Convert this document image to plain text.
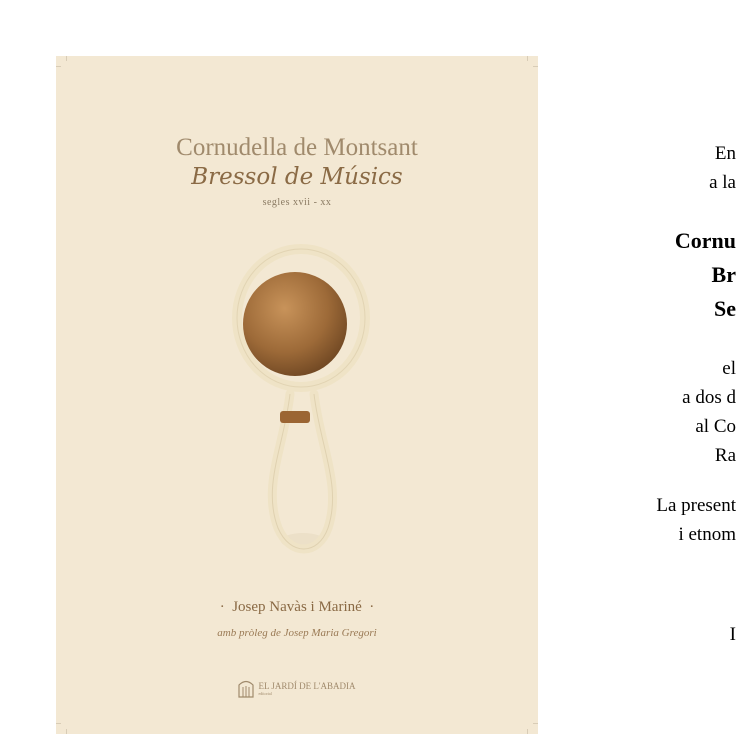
Cornudella de Montsant
Bressol de Músics
segles xvii - xx
·  Josep Navàs i Mariné  ·
amb pròleg de Josep Maria Gregori
EL JARDÍ DE L'ABADIA
editorial
En
a la
Cornu
Br
Se
el
a dos d
al Co
Ra
La present
i etnom
I
